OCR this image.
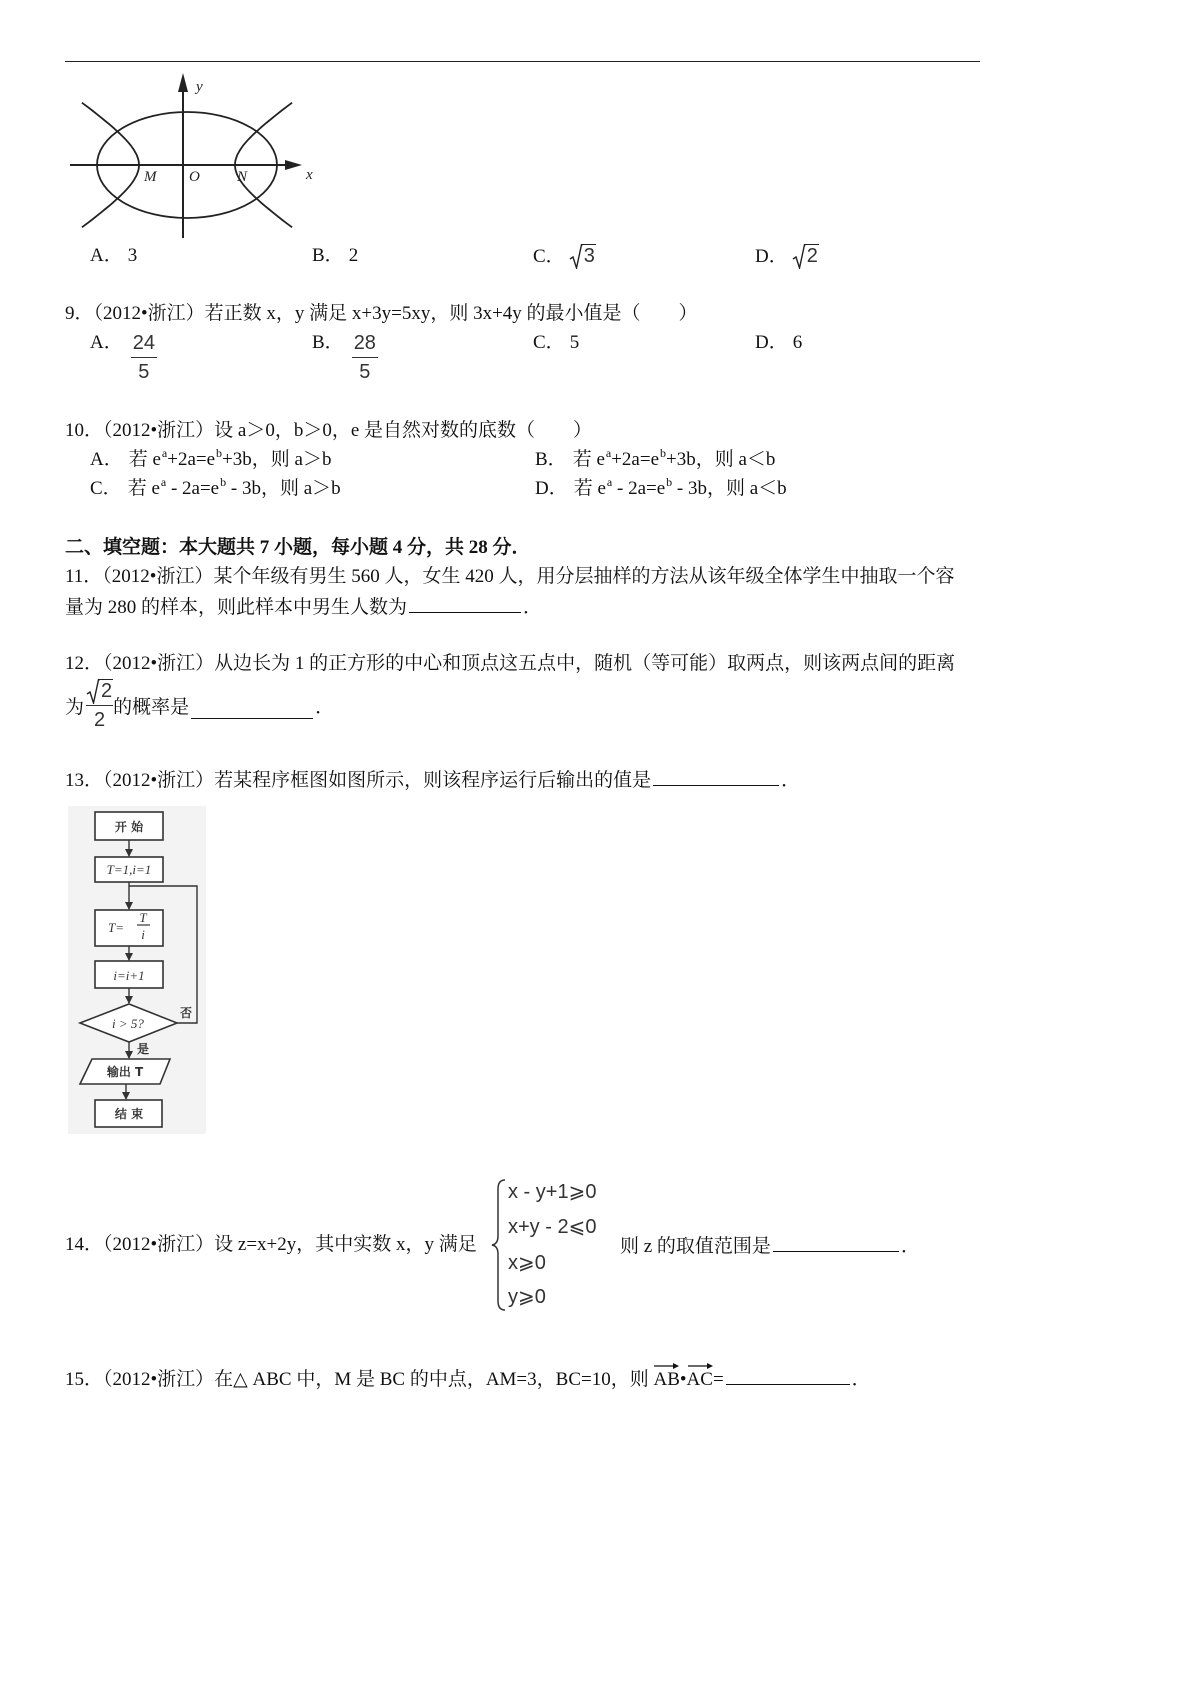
y
x
M O N
A． 3	B． 2	C． 3	D． 2
9．（2012•浙江）若正数 x，y 满足 x+3y=5xy，则 3x+4y 的最小值是（　　）
A． $\frac{24}{5}$	B． $\frac{28}{5}$	C． 5	D． 6
10．（2012•浙江）设 a＞0，b＞0，e 是自然对数的底数（　　）
A． 若 $e^a+2a=e^b+3b$，则 a＞b	B． 若 $e^a+2a=e^b+3b$，则 a＜b
C． 若 $e^a - 2a=e^b - 3b$，则 a＞b	D． 若 $e^a - 2a=e^b - 3b$，则 a＜b
二、填空题：本大题共 7 小题，每小题 4 分，共 28 分．
11．（2012•浙江）某个年级有男生 560 人，女生 420 人，用分层抽样的方法从该年级全体学生中抽取一个容
量为 280 的样本，则此样本中男生人数为	．
12．（2012•浙江）从边长为 1 的正方形的中心和顶点这五点中，随机（等可能）取两点，则该两点间的距离
为 $\frac{2}{2}$ 的概率是	．
13．（2012•浙江）若某程序框图如图所示，则该程序运行后输出的值是	．
开 始
T=1,i=1
T=
T
i
i=i+1
i > 5?
否
是
输出 T
结 束
14．（2012•浙江）设 z=x+2y，其中实数 x，y 满足
x - y+1⩾0
x+y - 2⩽0
x⩾0
y⩾0
则 z 的取值范围是	．
15．（2012•浙江）在△ ABC 中，M 是 BC 的中点，AM=3，BC=10，则
AB•
AC=	．
